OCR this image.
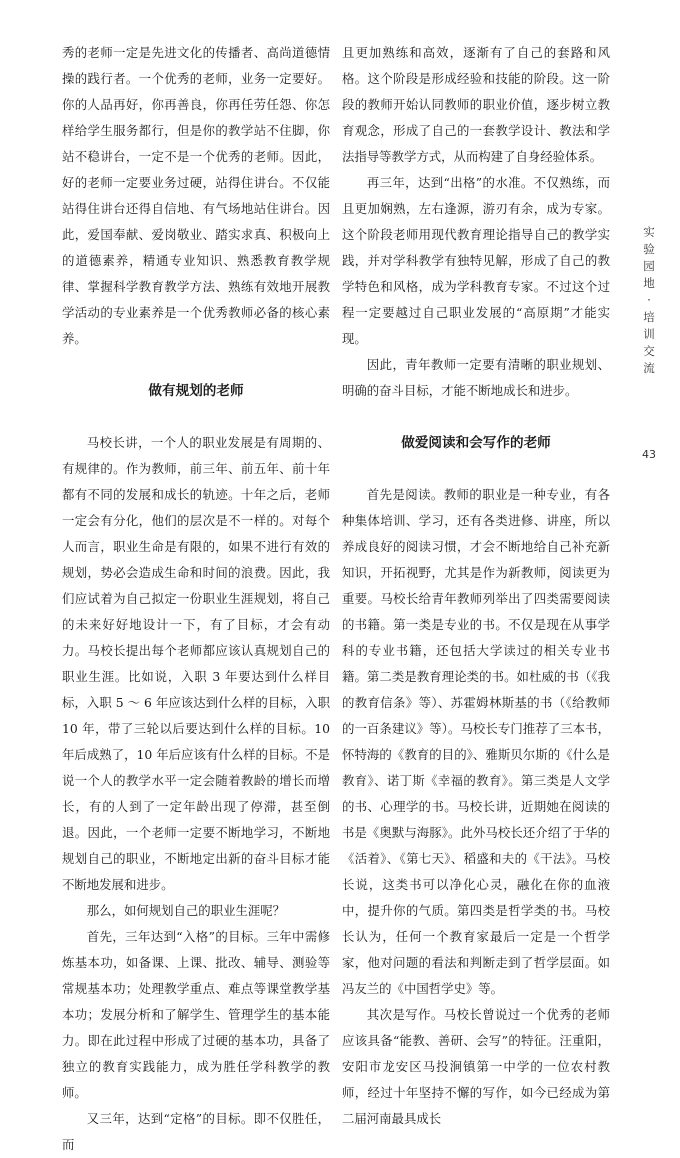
秀的老师一定是先进文化的传播者、高尚道德情操的践行者。一个优秀的老师，业务一定要好。你的人品再好，你再善良，你再任劳任怨、你怎样给学生服务都行，但是你的教学站不住脚，你站不稳讲台，一定不是一个优秀的老师。因此，好的老师一定要业务过硬，站得住讲台。不仅能站得住讲台还得自信地、有气场地站住讲台。因此，爱国奉献、爱岗敬业、踏实求真、积极向上的道德素养，精通专业知识、熟悉教育教学规律、掌握科学教育教学方法、熟练有效地开展教学活动的专业素养是一个优秀教师必备的核心素养。

做有规划的老师

马校长讲，一个人的职业发展是有周期的、有规律的。作为教师，前三年、前五年、前十年都有不同的发展和成长的轨迹。十年之后，老师一定会有分化，他们的层次是不一样的。对每个人而言，职业生命是有限的，如果不进行有效的规划，势必会造成生命和时间的浪费。因此，我们应试着为自己拟定一份职业生涯规划，将自己的未来好好地设计一下，有了目标，才会有动力。马校长提出每个老师都应该认真规划自己的职业生涯。比如说，入职 3 年要达到什么样目标，入职 5 ～ 6 年应该达到什么样的目标，入职 10 年，带了三轮以后要达到什么样的目标。10 年后成熟了，10 年后应该有什么样的目标。不是说一个人的教学水平一定会随着教龄的增长而增长，有的人到了一定年龄出现了停滞，甚至倒退。因此，一个老师一定要不断地学习，不断地规划自己的职业，不断地定出新的奋斗目标才能不断地发展和进步。

那么，如何规划自己的职业生涯呢？

首先，三年达到“入格”的目标。三年中需修炼基本功，如备课、上课、批改、辅导、测验等常规基本功；处理教学重点、难点等课堂教学基本功；发展分析和了解学生、管理学生的基本能力。即在此过程中形成了过硬的基本功，具备了独立的教育实践能力，成为胜任学科教学的教师。

又三年，达到“定格”的目标。即不仅胜任，而

且更加熟练和高效，逐渐有了自己的套路和风格。这个阶段是形成经验和技能的阶段。这一阶段的教师开始认同教师的职业价值，逐步树立教育观念，形成了自己的一套教学设计、教法和学法指导等教学方式，从而构建了自身经验体系。

再三年，达到“出格”的水准。不仅熟练，而且更加娴熟，左右逢源，游刃有余，成为专家。这个阶段老师用现代教育理论指导自己的教学实践，并对学科教学有独特见解，形成了自己的教学特色和风格，成为学科教育专家。不过这个过程一定要越过自己职业发展的“高原期”才能实现。

因此，青年教师一定要有清晰的职业规划、明确的奋斗目标，才能不断地成长和进步。

做爱阅读和会写作的老师

首先是阅读。教师的职业是一种专业，有各种集体培训、学习，还有各类进修、讲座，所以养成良好的阅读习惯，才会不断地给自己补充新知识，开拓视野，尤其是作为新教师，阅读更为重要。马校长给青年教师列举出了四类需要阅读的书籍。第一类是专业的书。不仅是现在从事学科的专业书籍，还包括大学读过的相关专业书籍。第二类是教育理论类的书。如杜威的书（《我的教育信条》等）、苏霍姆林斯基的书（《给教师的一百条建议》等）。马校长专门推荐了三本书，怀特海的《教育的目的》、雅斯贝尔斯的《什么是教育》、诺丁斯《幸福的教育》。第三类是人文学的书、心理学的书。马校长讲，近期她在阅读的书是《奥默与海豚》。此外马校长还介绍了于华的《活着》、《第七天》、稻盛和夫的《干法》。马校长说，这类书可以净化心灵，融化在你的血液中，提升你的气质。第四类是哲学类的书。马校长认为，任何一个教育家最后一定是一个哲学家，他对问题的看法和判断走到了哲学层面。如冯友兰的《中国哲学史》等。

其次是写作。马校长曾说过一个优秀的老师应该具备“能教、善研、会写”的特征。汪重阳，安阳市龙安区马投涧镇第一中学的一位农村教师，经过十年坚持不懈的写作，如今已经成为第二届河南最具成长

实
验
园
地
·
培
训
交
流
43
